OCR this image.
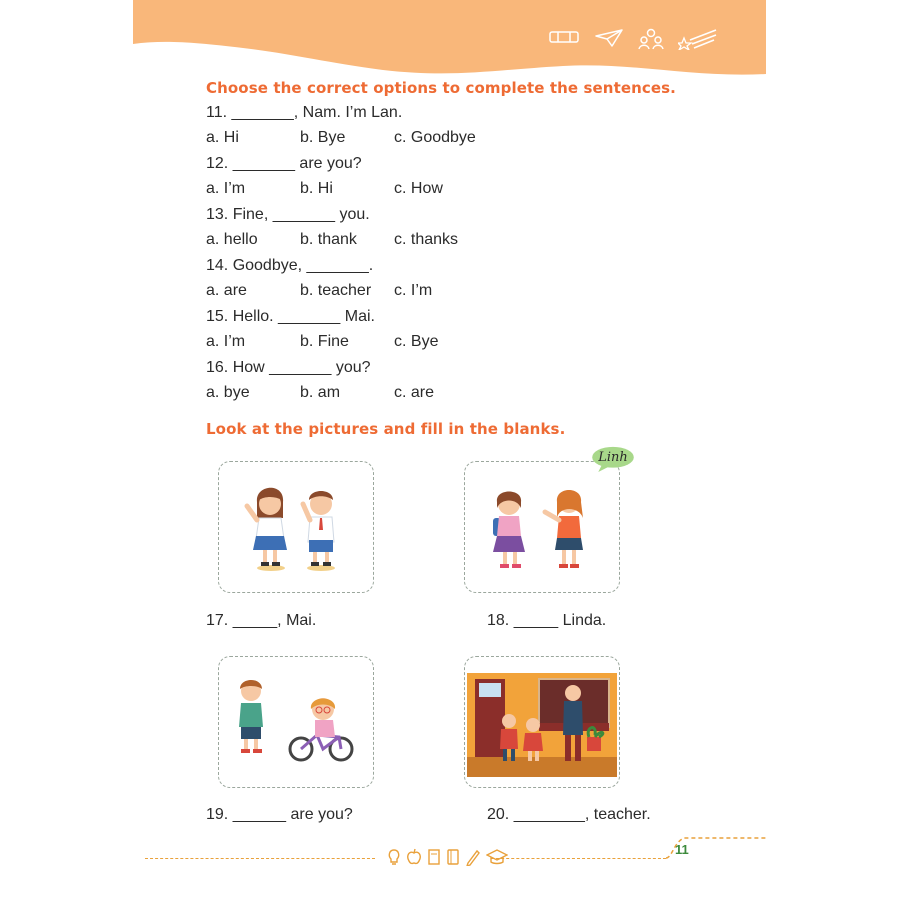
Choose the correct options to complete the sentences.
11. _______, Nam. I’m Lan.
a. Hi	b. Bye	c. Goodbye
12. _______ are you?
a. I’m	b. Hi	c. How
13. Fine, _______ you.
a. hello	b. thank c. thanks
14. Goodbye, _______.
a. are	b. teacher c. I’m
15. Hello. _______ Mai.
a. I’m	b. Fine	c. Bye
16. How _______ you?
a. bye	b. am	c. are
Look at the pictures and fill in the blanks.
17. _____, Mai.
Linh
18. _____ Linda.
19. ______ are you?	20. ________, teacher.
11
